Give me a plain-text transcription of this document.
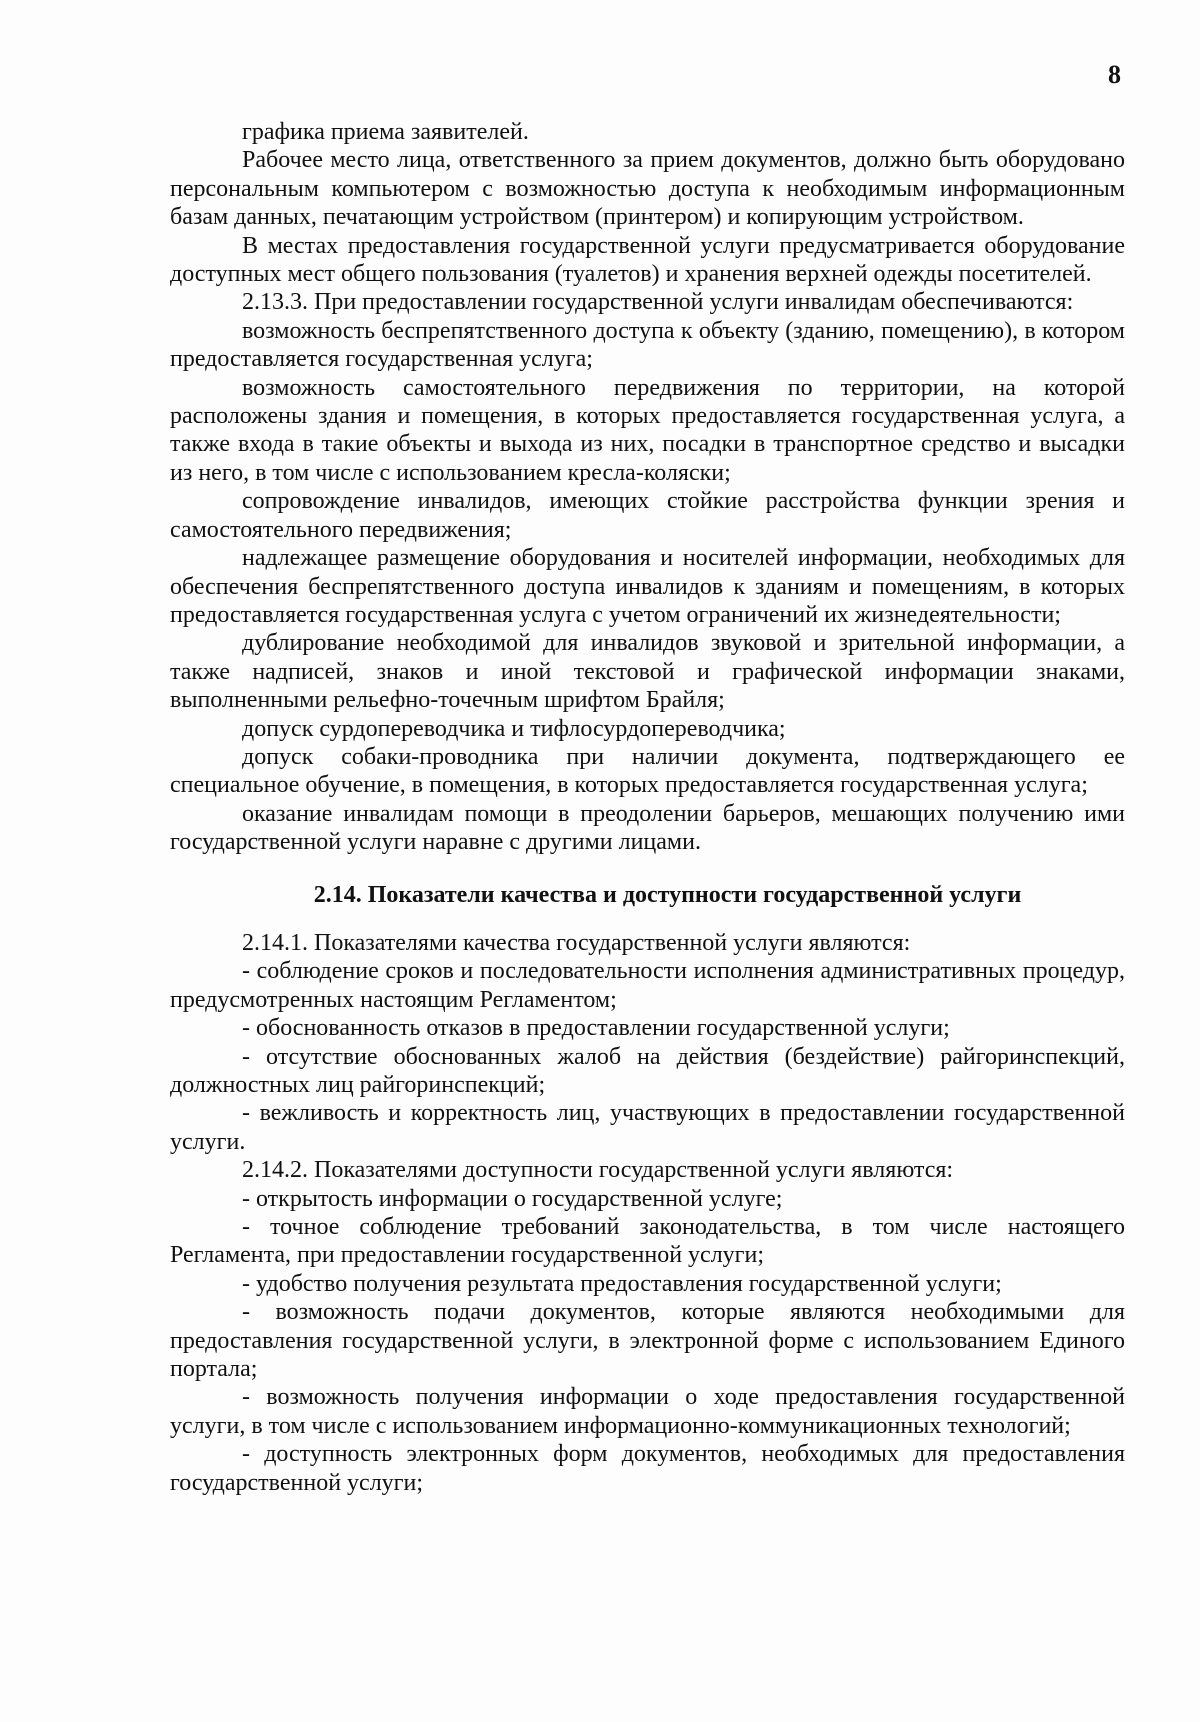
8

графика приема заявителей.

Рабочее место лица, ответственного за прием документов, должно быть оборудовано персональным компьютером с возможностью доступа к необходимым информационным базам данных, печатающим устройством (принтером) и копирующим устройством.

В местах предоставления государственной услуги предусматривается оборудование доступных мест общего пользования (туалетов) и хранения верхней одежды посетителей.

2.13.3. При предоставлении государственной услуги инвалидам обеспечиваются:

возможность беспрепятственного доступа к объекту (зданию, помещению), в котором предоставляется государственная услуга;

возможность самостоятельного передвижения по территории, на которой расположены здания и помещения, в которых предоставляется государственная услуга, а также входа в такие объекты и выхода из них, посадки в транспортное средство и высадки из него, в том числе с использованием кресла-коляски;

сопровождение инвалидов, имеющих стойкие расстройства функции зрения и самостоятельного передвижения;

надлежащее размещение оборудования и носителей информации, необходимых для обеспечения беспрепятственного доступа инвалидов к зданиям и помещениям, в которых предоставляется государственная услуга с учетом ограничений их жизнедеятельности;

дублирование необходимой для инвалидов звуковой и зрительной информации, а также надписей, знаков и иной текстовой и графической информации знаками, выполненными рельефно-точечным шрифтом Брайля;

допуск сурдопереводчика и тифлосурдопереводчика;

допуск собаки-проводника при наличии документа, подтверждающего ее специальное обучение, в помещения, в которых предоставляется государственная услуга;

оказание инвалидам помощи в преодолении барьеров, мешающих получению ими государственной услуги наравне с другими лицами.

2.14. Показатели качества и доступности государственной услуги

2.14.1. Показателями качества государственной услуги являются:

- соблюдение сроков и последовательности исполнения административных процедур, предусмотренных настоящим Регламентом;

- обоснованность отказов в предоставлении государственной услуги;

- отсутствие обоснованных жалоб на действия (бездействие) райгоринспекций, должностных лиц райгоринспекций;

- вежливость и корректность лиц, участвующих в предоставлении государственной услуги.

2.14.2. Показателями доступности государственной услуги являются:

- открытость информации о государственной услуге;

- точное соблюдение требований законодательства, в том числе настоящего Регламента, при предоставлении государственной услуги;

- удобство получения результата предоставления государственной услуги;

- возможность подачи документов, которые являются необходимыми для предоставления государственной услуги, в электронной форме с использованием Единого портала;

- возможность получения информации о ходе предоставления государственной услуги, в том числе с использованием информационно-коммуникационных технологий;

- доступность электронных форм документов, необходимых для предоставления государственной услуги;
